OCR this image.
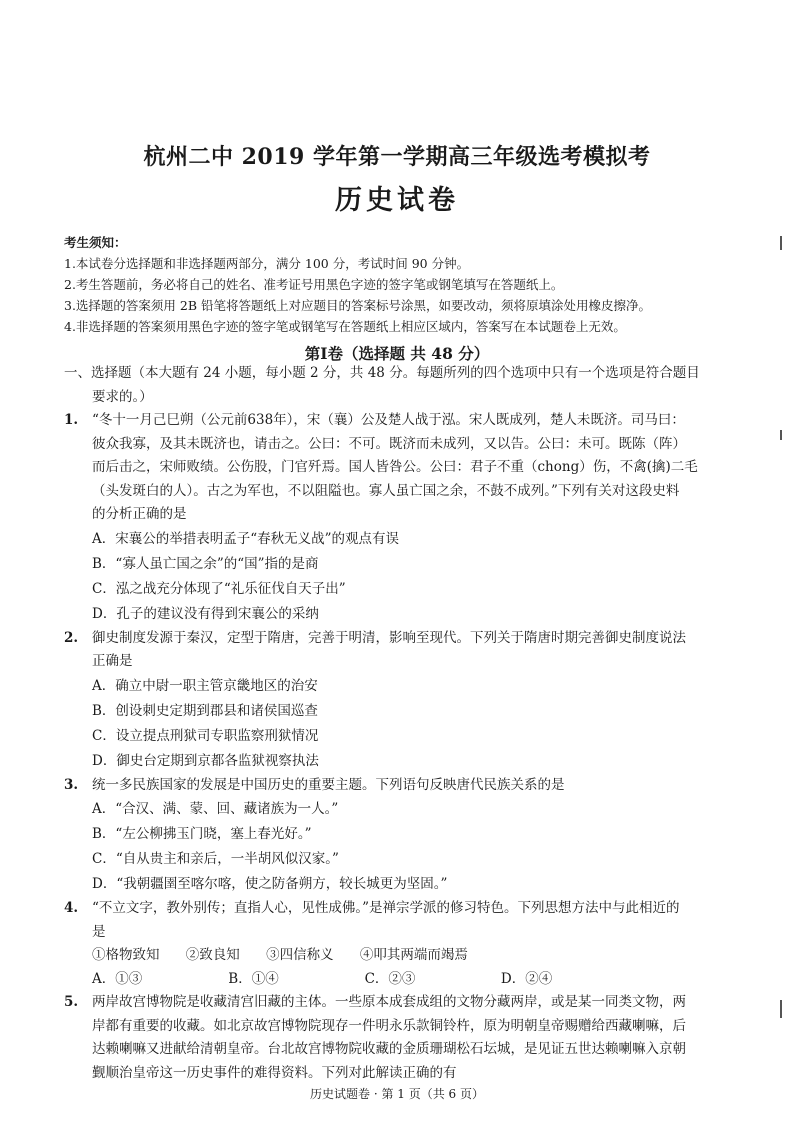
杭州二中 2019 学年第一学期高三年级选考模拟考
历史试卷
考生须知：
1.本试卷分选择题和非选择题两部分，满分 100 分，考试时间 90 分钟。
2.考生答题前，务必将自己的姓名、准考证号用黑色字迹的签字笔或钢笔填写在答题纸上。
3.选择题的答案须用 2B 铅笔将答题纸上对应题目的答案标号涂黑，如要改动，须将原填涂处用橡皮擦净。
4.非选择题的答案须用黑色字迹的签字笔或钢笔写在答题纸上相应区域内，答案写在本试题卷上无效。
第Ⅰ卷（选择题 共 48 分）
一、选择题（本大题有 24 小题，每小题 2 分，共 48 分。每题所列的四个选项中只有一个选项是符合题目
要求的。）
1.	“冬十一月己巳朔（公元前638年），宋（襄）公及楚人战于泓。宋人既成列，楚人未既济。司马曰：
彼众我寡，及其未既济也，请击之。公曰：不可。既济而未成列，又以告。公曰：未可。既陈（阵）
而后击之，宋师败绩。公伤股，门官歼焉。国人皆咎公。公曰：君子不重（chong）伤，不禽(擒)二毛
（头发斑白的人）。古之为军也，不以阻隘也。寡人虽亡国之余，不鼓不成列。”下列有关对这段史料
的分析正确的是
A．宋襄公的举措表明孟子“春秋无义战”的观点有误
B．“寡人虽亡国之余”的“国”指的是商
C．泓之战充分体现了“礼乐征伐自天子出”
D．孔子的建议没有得到宋襄公的采纳
2.	御史制度发源于秦汉，定型于隋唐，完善于明清，影响至现代。下列关于隋唐时期完善御史制度说法
正确是
A．确立中尉一职主管京畿地区的治安
B．创设刺史定期到郡县和诸侯国巡查
C．设立提点刑狱司专职监察刑狱情况
D．御史台定期到京都各监狱视察执法
3.	统一多民族国家的发展是中国历史的重要主题。下列语句反映唐代民族关系的是
A．“合汉、满、蒙、回、藏诸族为一人。”
B．“左公柳拂玉门晓，塞上春光好。”
C．“自从贵主和亲后，一半胡风似汉家。”
D．“我朝疆圉至喀尔喀，使之防备朔方，较长城更为坚固。”
4.	“不立文字，教外别传；直指人心，见性成佛。”是禅宗学派的修习特色。下列思想方法中与此相近的
是
①格物致知 ②致良知 ③四信称义 ④叩其两端而竭焉
A．①③	B．①④	C．②③	D．②④
5.	两岸故宫博物院是收藏清宫旧藏的主体。一些原本成套成组的文物分藏两岸，或是某一同类文物，两
岸都有重要的收藏。如北京故宫博物院现存一件明永乐款铜铃杵，原为明朝皇帝赐赠给西藏喇嘛，后
达赖喇嘛又进献给清朝皇帝。台北故宫博物院收藏的金质珊瑚松石坛城，是见证五世达赖喇嘛入京朝
觐顺治皇帝这一历史事件的难得资料。下列对此解读正确的有
历史试题卷 · 第 1 页（共 6 页）
